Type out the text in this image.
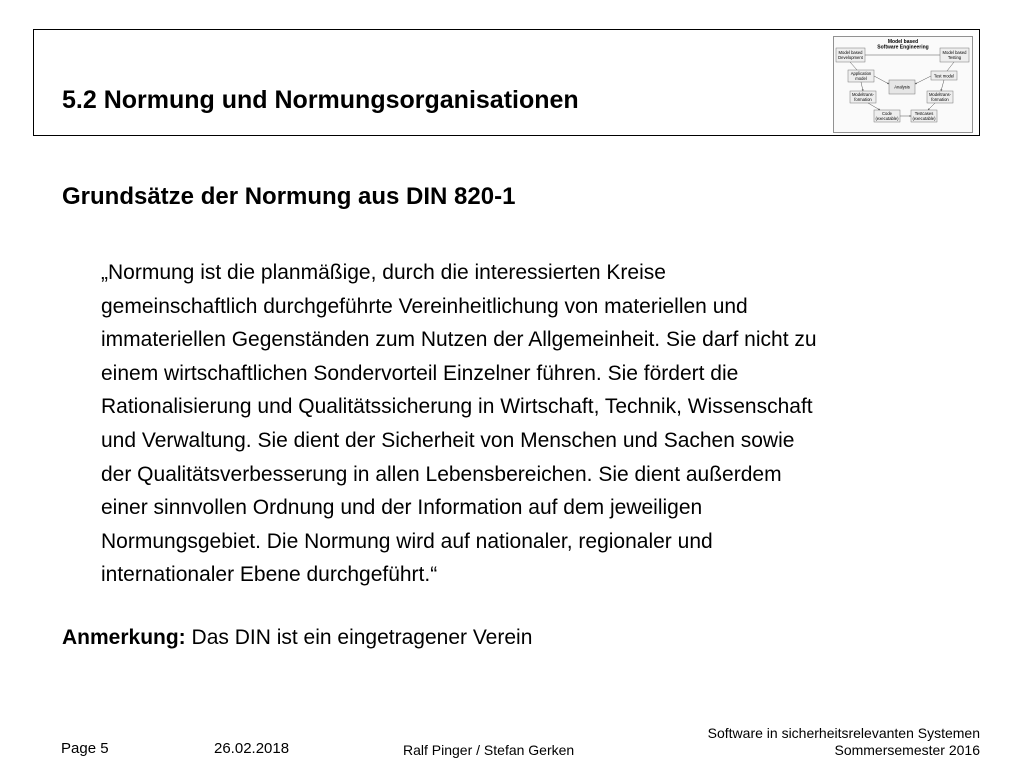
5.2 Normung und Normungsorganisationen
Model based
Software Engineering
Model based
Development
Model based
Testing
Application
model	Test model
Analysis
Modeltrans-
formation
Modeltrans-
formation
Code
(executable)
Testcases
(executable)
Grundsätze der Normung aus DIN 820-1

„Normung ist die planmäßige, durch die interessierten Kreise
gemeinschaftlich durchgeführte Vereinheitlichung von materiellen und
immateriellen Gegenständen zum Nutzen der Allgemeinheit. Sie darf nicht zu
einem wirtschaftlichen Sondervorteil Einzelner führen. Sie fördert die
Rationalisierung und Qualitätssicherung in Wirtschaft, Technik, Wissenschaft
und Verwaltung. Sie dient der Sicherheit von Menschen und Sachen sowie
der Qualitätsverbesserung in allen Lebensbereichen. Sie dient außerdem
einer sinnvollen Ordnung und der Information auf dem jeweiligen
Normungsgebiet. Die Normung wird auf nationaler, regionaler und
internationaler Ebene durchgeführt.“

Anmerkung: Das DIN ist ein eingetragener Verein

Page 5	26.02.2018	Ralf Pinger / Stefan Gerken
Software in sicherheitsrelevanten Systemen
Sommersemester 2016
